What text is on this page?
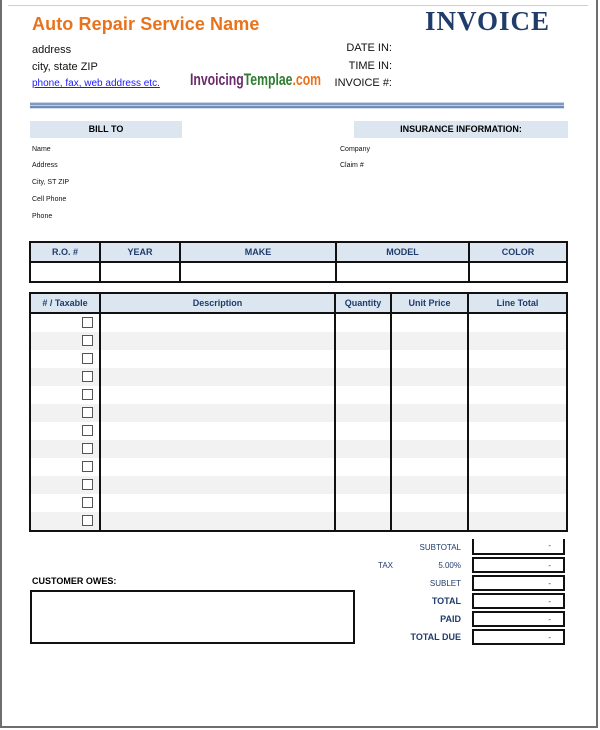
Auto Repair Service Name
address
city, state ZIP
phone, fax, web address etc. InvoicingTemplae.com
INVOICE
DATE IN:
TIME IN:
INVOICE #:
BILL TO
Name
Address
City, ST ZIP
Cell Phone
Phone
INSURANCE INFORMATION:
Company
Claim #
R.O. #	YEAR	MAKE	MODEL	COLOR

# / Taxable	Description	Quantity	Unit Price	Line Total

SUBTOTAL	-
TAX	5.00%	-
SUBLET	-
TOTAL	-
PAID	-
TOTAL DUE	-
CUSTOMER OWES:
